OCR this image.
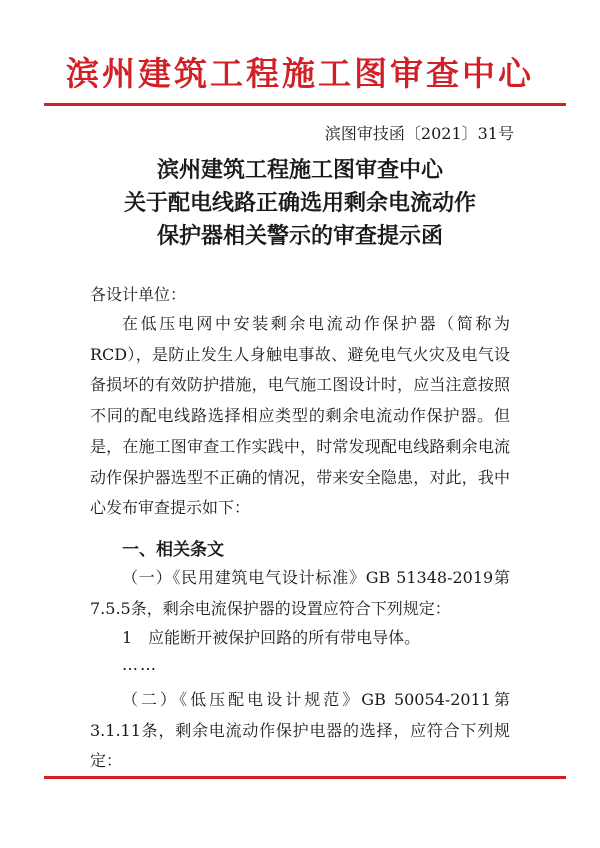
滨州建筑工程施工图审查中心
滨图审技函〔2021〕31号
滨州建筑工程施工图审查中心
关于配电线路正确选用剩余电流动作
保护器相关警示的审查提示函
各设计单位：

在低压电网中安装剩余电流动作保护器（简称为RCD），是防止发生人身触电事故、避免电气火灾及电气设备损坏的有效防护措施，电气施工图设计时，应当注意按照不同的配电线路选择相应类型的剩余电流动作保护器。但是，在施工图审查工作实践中，时常发现配电线路剩余电流动作保护器选型不正确的情况，带来安全隐患，对此，我中心发布审查提示如下：

一、相关条文

（一）《民用建筑电气设计标准》GB 51348-2019第7.5.5条，剩余电流保护器的设置应符合下列规定：

1　应能断开被保护回路的所有带电导体。
……

（二）《低压配电设计规范》GB 50054-2011第3.1.11条，剩余电流动作保护电器的选择，应符合下列规定：
